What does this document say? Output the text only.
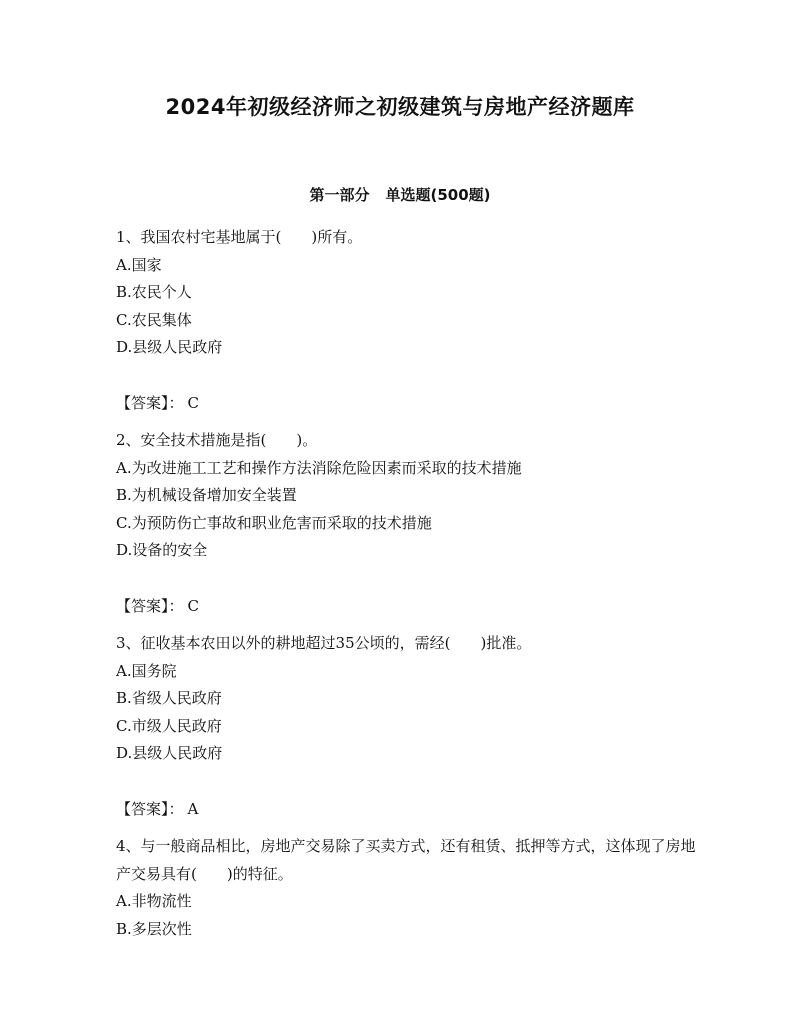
2024年初级经济师之初级建筑与房地产经济题库
第一部分 单选题(500题)

1、我国农村宅基地属于(　　)所有。

A.国家

B.农民个人

C.农民集体

D.县级人民政府

【答案】： C

2、安全技术措施是指(　　)。

A.为改进施工工艺和操作方法消除危险因素而采取的技术措施

B.为机械设备增加安全装置

C.为预防伤亡事故和职业危害而采取的技术措施

D.设备的安全

【答案】： C

3、征收基本农田以外的耕地超过35公顷的，需经(　　)批准。

A.国务院

B.省级人民政府

C.市级人民政府

D.县级人民政府

【答案】： A

4、与一般商品相比，房地产交易除了买卖方式，还有租赁、抵押等方式，这体现了房地产交易具有(　　)的特征。

A.非物流性

B.多层次性
